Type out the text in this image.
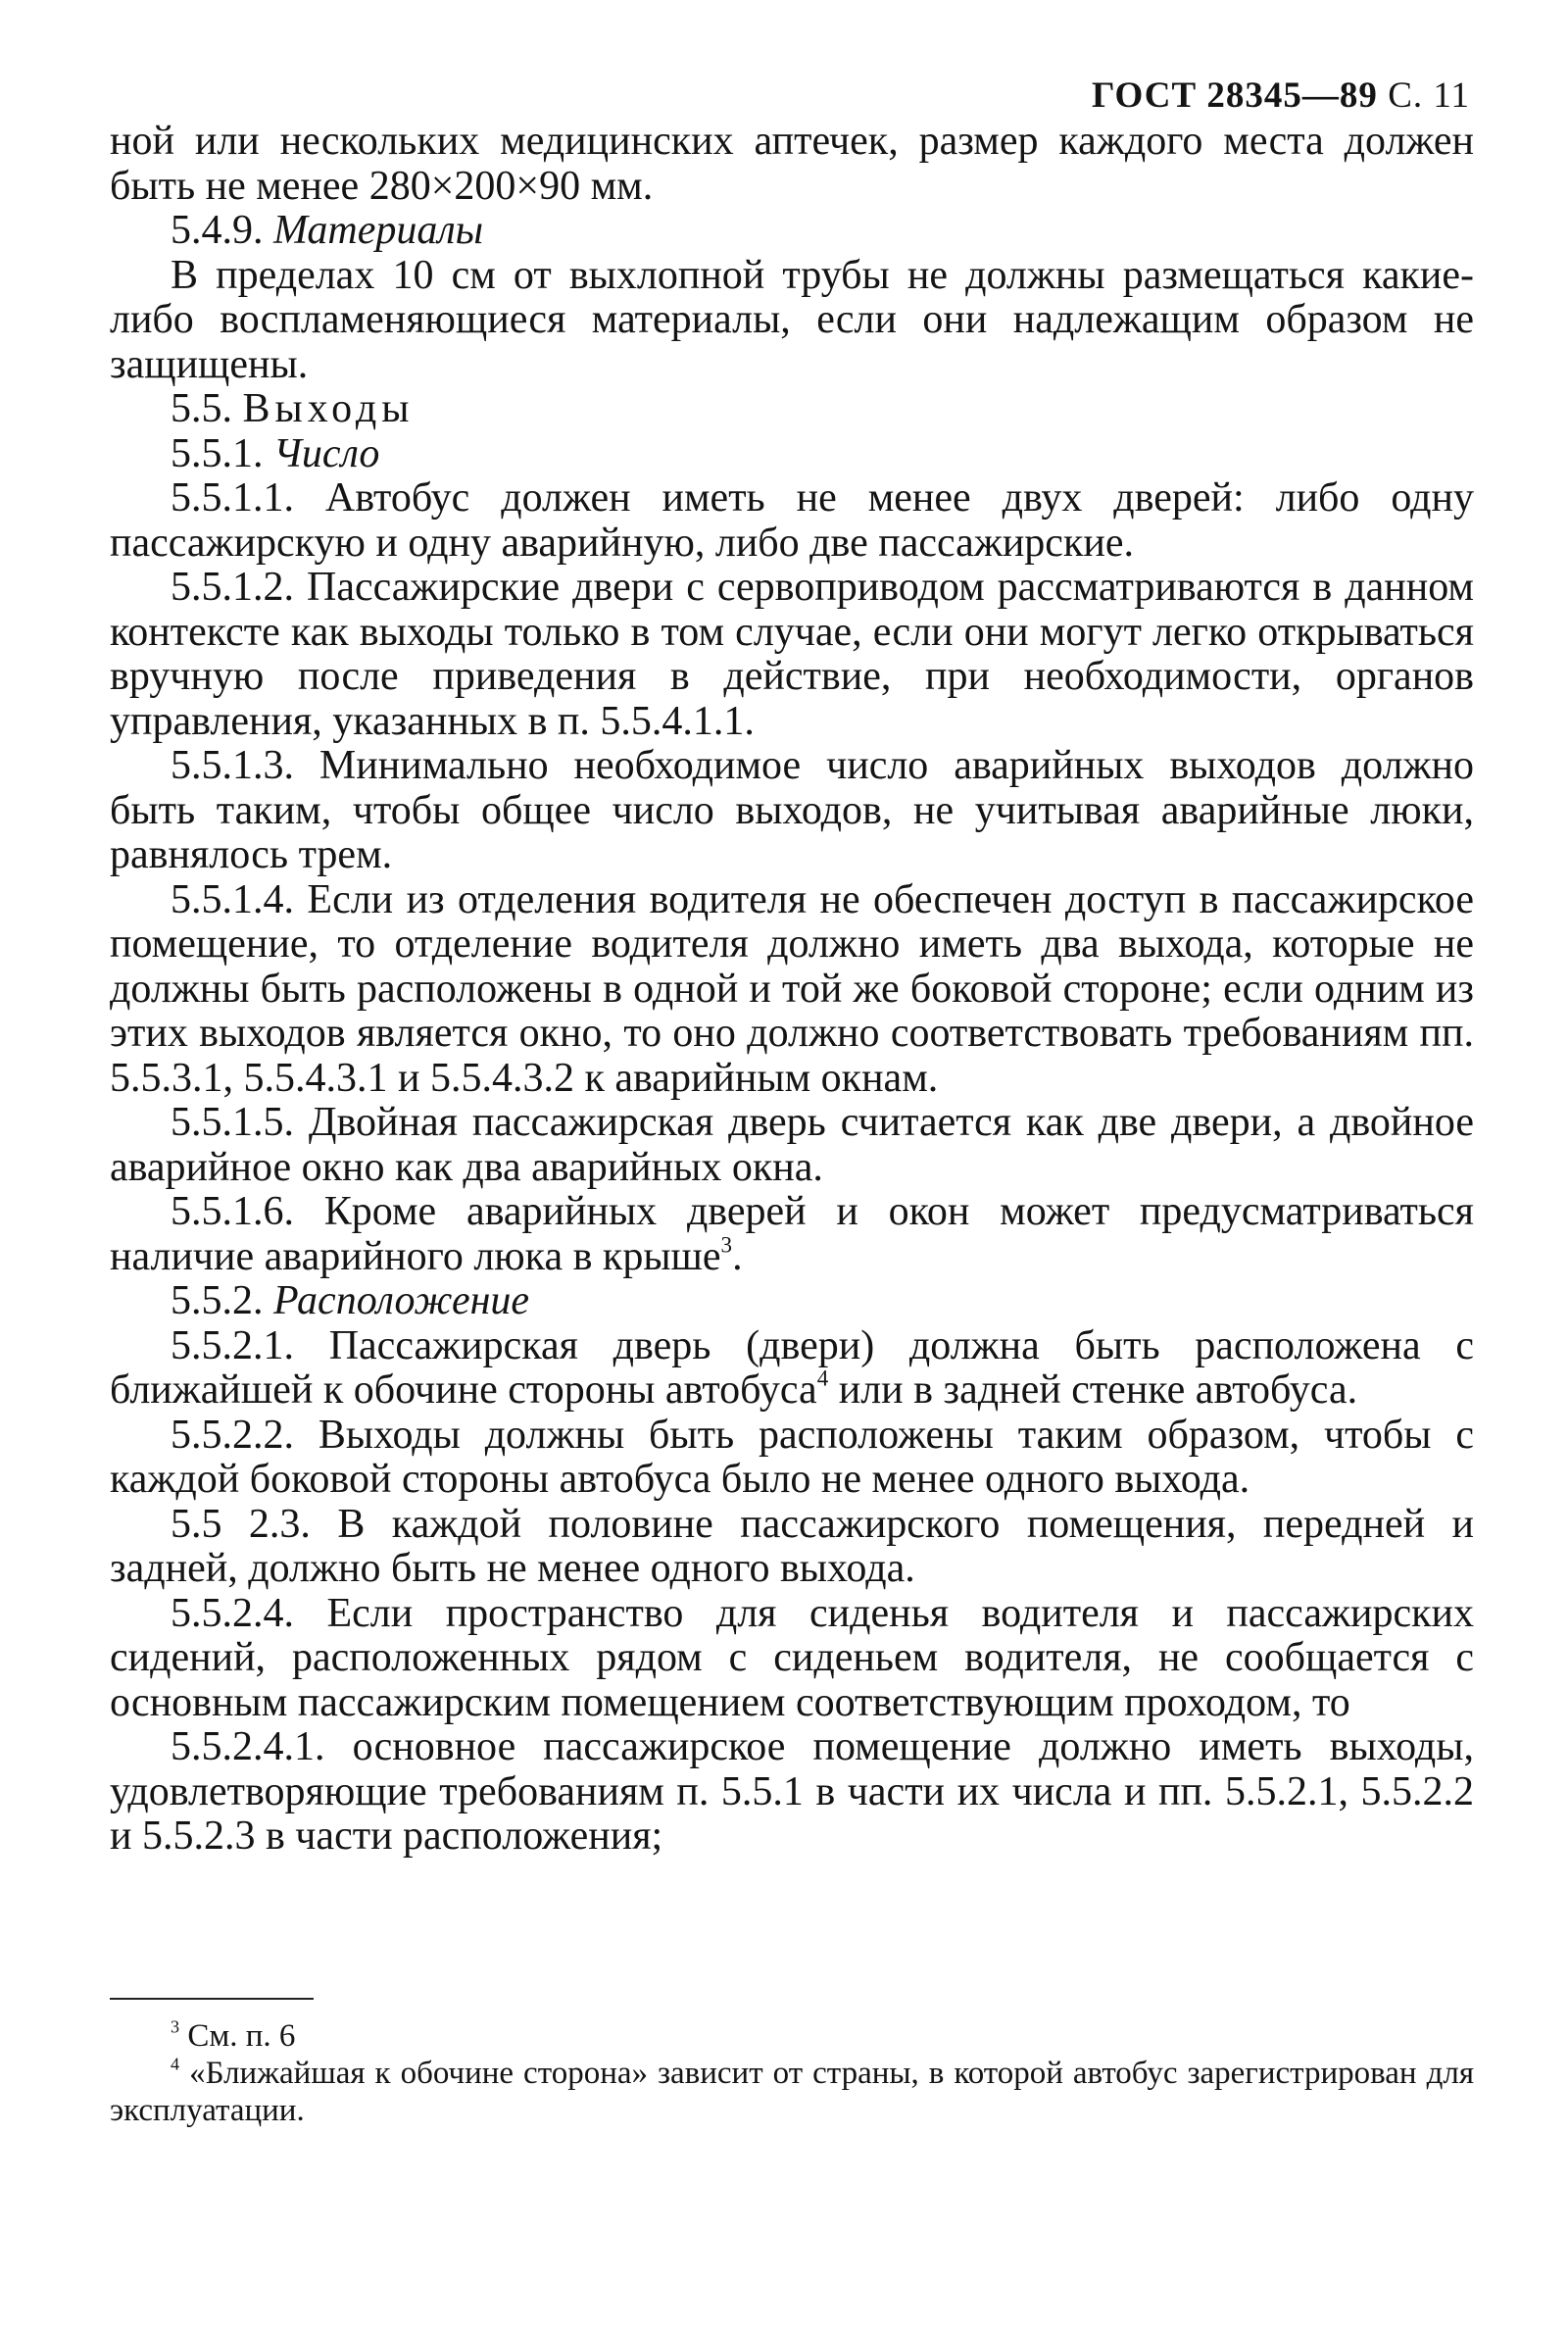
ГОСТ 28345—89 С. 11

ной или нескольких медицинских аптечек, размер каждого места должен быть не менее 280×200×90 мм.

5.4.9. Материалы

В пределах 10 см от выхлопной трубы не должны размещаться какие-либо воспламеняющиеся материалы, если они надлежащим образом не защищены.

5.5. Выходы

5.5.1. Число

5.5.1.1. Автобус должен иметь не менее двух дверей: либо одну пассажирскую и одну аварийную, либо две пассажирские.

5.5.1.2. Пассажирские двери с сервоприводом рассматриваются в данном контексте как выходы только в том случае, если они могут легко открываться вручную после приведения в действие, при необходимости, органов управления, указанных в п. 5.5.4.1.1.

5.5.1.3. Минимально необходимое число аварийных выходов должно быть таким, чтобы общее число выходов, не учитывая аварийные люки, равнялось трем.

5.5.1.4. Если из отделения водителя не обеспечен доступ в пассажирское помещение, то отделение водителя должно иметь два выхода, которые не должны быть расположены в одной и той же боковой стороне; если одним из этих выходов является окно, то оно должно соответствовать требованиям пп. 5.5.3.1, 5.5.4.3.1 и 5.5.4.3.2 к аварийным окнам.

5.5.1.5. Двойная пассажирская дверь считается как две двери, а двойное аварийное окно как два аварийных окна.

5.5.1.6. Кроме аварийных дверей и окон может предусматриваться наличие аварийного люка в крыше$^3$.

5.5.2. Расположение

5.5.2.1. Пассажирская дверь (двери) должна быть расположена с ближайшей к обочине стороны автобуса$^4$ или в задней стенке автобуса.

5.5.2.2. Выходы должны быть расположены таким образом, чтобы с каждой боковой стороны автобуса было не менее одного выхода.

5.5 2.3. В каждой половине пассажирского помещения, передней и задней, должно быть не менее одного выхода.

5.5.2.4. Если пространство для сиденья водителя и пассажирских сидений, расположенных рядом с сиденьем водителя, не сообщается с основным пассажирским помещением соответствующим проходом, то

5.5.2.4.1. основное пассажирское помещение должно иметь выходы, удовлетворяющие требованиям п. 5.5.1 в части их числа и пп. 5.5.2.1, 5.5.2.2 и 5.5.2.3 в части расположения;

$^3$ См. п. 6

$^4$ «Ближайшая к обочине сторона» зависит от страны, в которой автобус зарегистрирован для эксплуатации.
